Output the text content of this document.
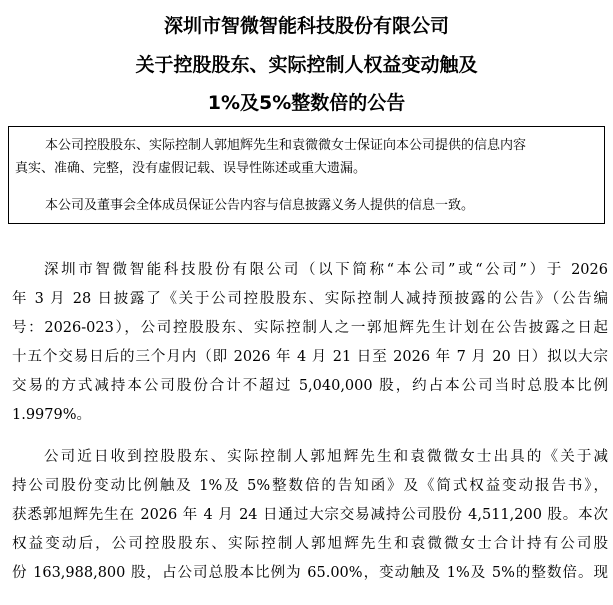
深圳市智微智能科技股份有限公司
关于控股股东、实际控制人权益变动触及
1%及5%整数倍的公告

本公司控股股东、实际控制人郭旭辉先生和袁微微女士保证向本公司提供的信息内容

真实、准确、完整，没有虚假记载、误导性陈述或重大遗漏。

本公司及董事会全体成员保证公告内容与信息披露义务人提供的信息一致。

深圳市智微智能科技股份有限公司（以下简称“本公司”或“公司”）于 2026

年 3 月 28 日披露了《关于公司控股股东、实际控制人减持预披露的公告》（公告编

号：2026-023），公司控股股东、实际控制人之一郭旭辉先生计划在公告披露之日起

十五个交易日后的三个月内（即 2026 年 4 月 21 日至 2026 年 7 月 20 日）拟以大宗

交易的方式减持本公司股份合计不超过 5,040,000 股，约占本公司当时总股本比例

1.9979%。

公司近日收到控股股东、实际控制人郭旭辉先生和袁微微女士出具的《关于减

持公司股份变动比例触及 1%及 5%整数倍的告知函》及《简式权益变动报告书》，

获悉郭旭辉先生在 2026 年 4 月 24 日通过大宗交易减持公司股份 4,511,200 股。本次

权益变动后，公司控股股东、实际控制人郭旭辉先生和袁微微女士合计持有公司股

份 163,988,800 股，占公司总股本比例为 65.00%，变动触及 1%及 5%的整数倍。现
